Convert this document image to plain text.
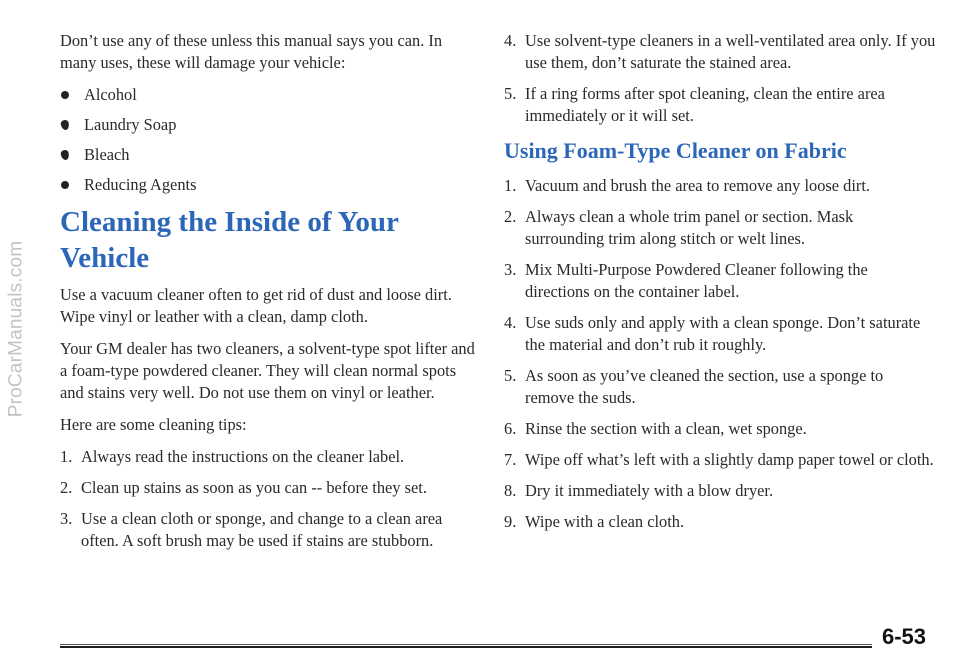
ProCarManuals.com

Don’t use any of these unless this manual says you can. In many uses, these will damage your vehicle:

Alcohol
Laundry Soap
Bleach
Reducing Agents
Cleaning the Inside of Your Vehicle

Use a vacuum cleaner often to get rid of dust and loose dirt. Wipe vinyl or leather with a clean, damp cloth.

Your GM dealer has two cleaners, a solvent-type spot lifter and a foam-type powdered cleaner. They will clean normal spots and stains very well. Do not use them on vinyl or leather.

Here are some cleaning tips:

1. Always read the instructions on the cleaner label.
2. Clean up stains as soon as you can -- before they set.
3. Use a clean cloth or sponge, and change to a clean area often. A soft brush may be used if stains are stubborn.
4. Use solvent-type cleaners in a well-ventilated area only. If you use them, don’t saturate the stained area.
5. If a ring forms after spot cleaning, clean the entire area immediately or it will set.
Using Foam-Type Cleaner on Fabric
1. Vacuum and brush the area to remove any loose dirt.
2. Always clean a whole trim panel or section. Mask surrounding trim along stitch or welt lines.
3. Mix Multi-Purpose Powdered Cleaner following the directions on the container label.
4. Use suds only and apply with a clean sponge. Don’t saturate the material and don’t rub it roughly.
5. As soon as you’ve cleaned the section, use a sponge to remove the suds.
6. Rinse the section with a clean, wet sponge.
7. Wipe off what’s left with a slightly damp paper towel or cloth.
8. Dry it immediately with a blow dryer.
9. Wipe with a clean cloth.
6-53
